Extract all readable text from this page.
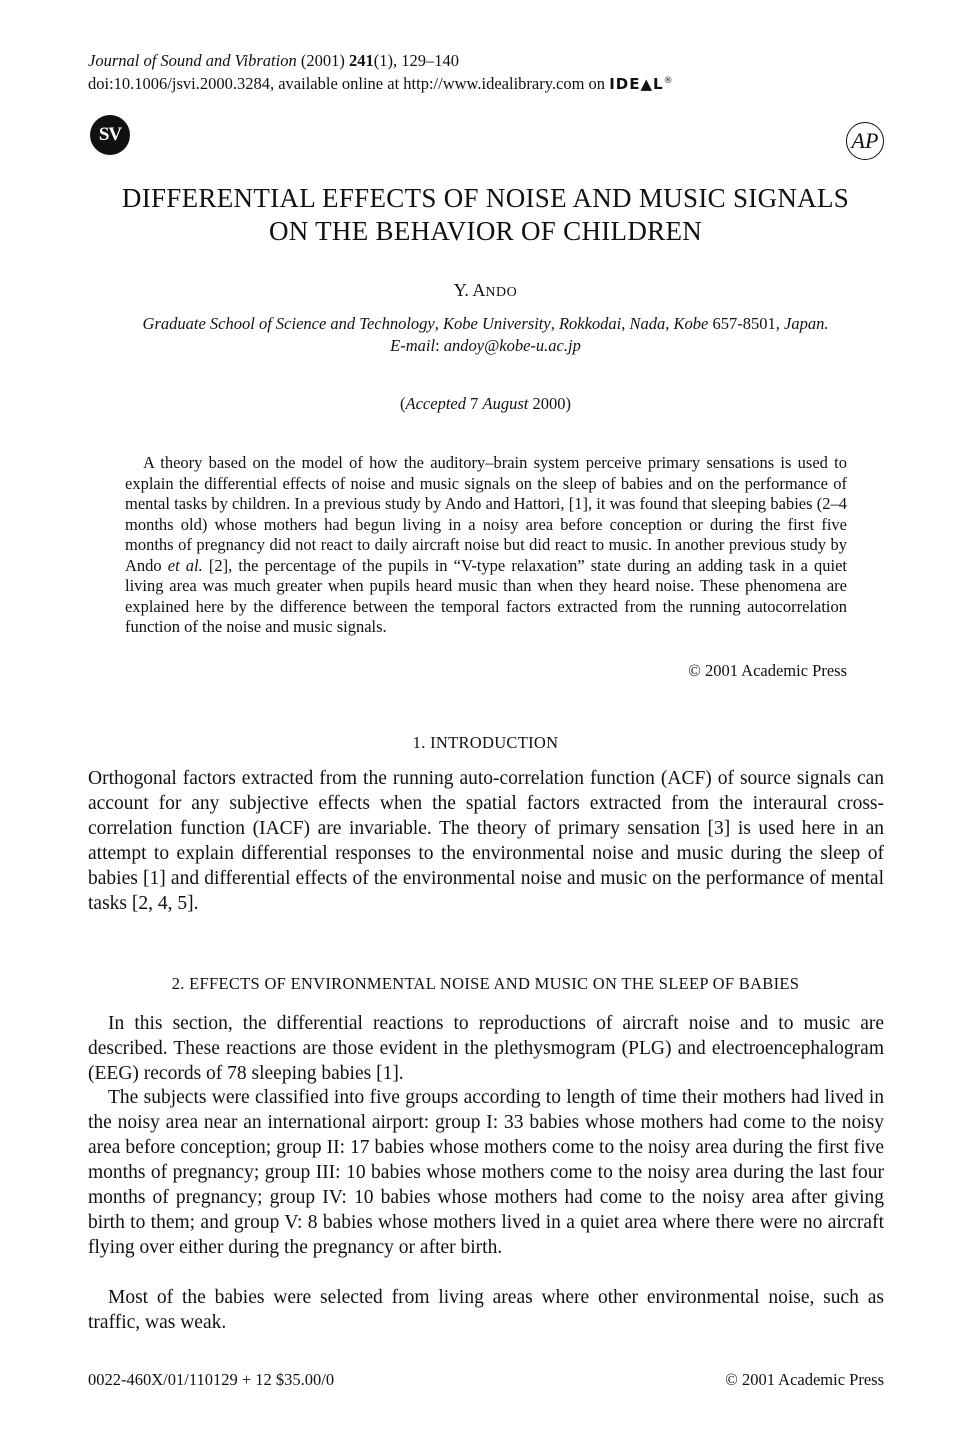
Journal of Sound and Vibration (2001) 241(1), 129–140
doi:10.1006/jsvi.2000.3284, available online at http://www.idealibrary.com on IDE▲L®
SV	AP
DIFFERENTIAL EFFECTS OF NOISE AND MUSIC SIGNALS
ON THE BEHAVIOR OF CHILDREN
Y. ANDO
Graduate School of Science and Technology, Kobe University, Rokkodai, Nada, Kobe 657-8501, Japan.
E-mail: andoy@kobe-u.ac.jp
(Accepted 7 August 2000)
A theory based on the model of how the auditory–brain system perceive primary sensations is used to explain the differential effects of noise and music signals on the sleep of babies and on the performance of mental tasks by children. In a previous study by Ando and Hattori, [1], it was found that sleeping babies (2–4 months old) whose mothers had begun living in a noisy area before conception or during the first five months of pregnancy did not react to daily aircraft noise but did react to music. In another previous study by Ando et al. [2], the percentage of the pupils in “V-type relaxation” state during an adding task in a quiet living area was much greater when pupils heard music than when they heard noise. These phenomena are explained here by the difference between the temporal factors extracted from the running autocorrelation function of the noise and music signals.
© 2001 Academic Press
1. INTRODUCTION
Orthogonal factors extracted from the running auto-correlation function (ACF) of source signals can account for any subjective effects when the spatial factors extracted from the interaural cross-correlation function (IACF) are invariable. The theory of primary sensation [3] is used here in an attempt to explain differential responses to the environmental noise and music during the sleep of babies [1] and differential effects of the environmental noise and music on the performance of mental tasks [2, 4, 5].
2. EFFECTS OF ENVIRONMENTAL NOISE AND MUSIC ON THE SLEEP OF BABIES
In this section, the differential reactions to reproductions of aircraft noise and to music are described. These reactions are those evident in the plethysmogram (PLG) and electroencephalogram (EEG) records of 78 sleeping babies [1].
The subjects were classified into five groups according to length of time their mothers had lived in the noisy area near an international airport: group I: 33 babies whose mothers had come to the noisy area before conception; group II: 17 babies whose mothers come to the noisy area during the first five months of pregnancy; group III: 10 babies whose mothers come to the noisy area during the last four months of pregnancy; group IV: 10 babies whose mothers had come to the noisy area after giving birth to them; and group V: 8 babies whose mothers lived in a quiet area where there were no aircraft flying over either during the pregnancy or after birth.
Most of the babies were selected from living areas where other environmental noise, such as traffic, was weak.
0022-460X/01/110129 + 12 $35.00/0	© 2001 Academic Press
